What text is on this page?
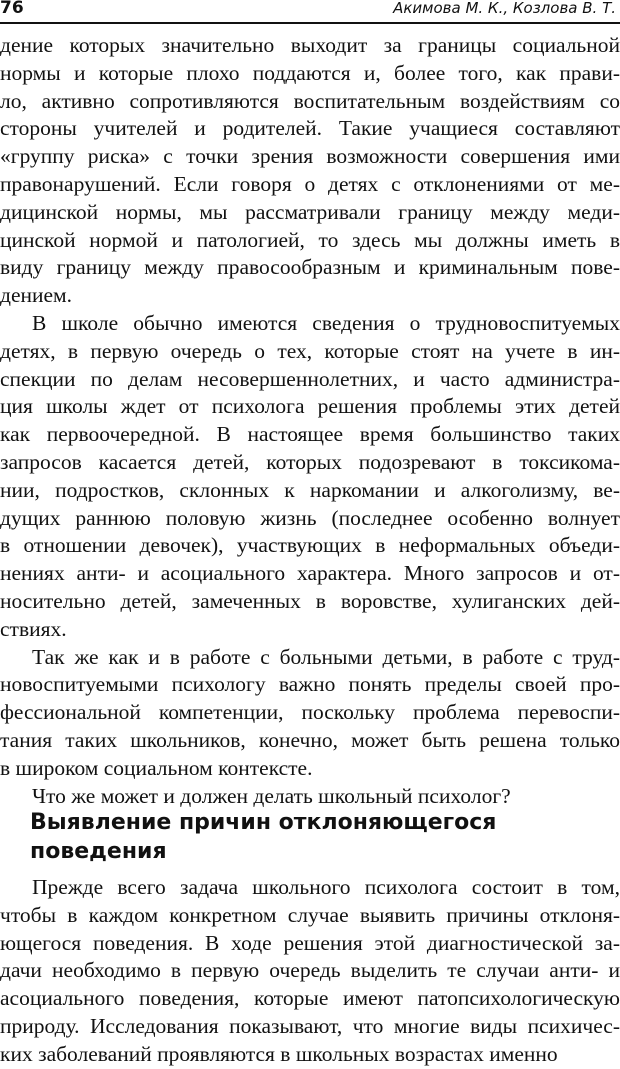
76	Акимова М. К., Козлова В. Т.
дение которых значительно выходит за границы социальной
нормы и которые плохо поддаются и, более того, как прави-
ло, активно сопротивляются воспитательным воздействиям со
стороны учителей и родителей. Такие учащиеся составляют
«группу риска» с точки зрения возможности совершения ими
правонарушений. Если говоря о детях с отклонениями от ме-
дицинской нормы, мы рассматривали границу между меди-
цинской нормой и патологией, то здесь мы должны иметь в
виду границу между правосообразным и криминальным пове-
дением.
В школе обычно имеются сведения о трудновоспитуемых
детях, в первую очередь о тех, которые стоят на учете в ин-
спекции по делам несовершеннолетних, и часто администра-
ция школы ждет от психолога решения проблемы этих детей
как первоочередной. В настоящее время большинство таких
запросов касается детей, которых подозревают в токсикома-
нии, подростков, склонных к наркомании и алкоголизму, ве-
дущих раннюю половую жизнь (последнее особенно волнует
в отношении девочек), участвующих в неформальных объеди-
нениях анти- и асоциального характера. Много запросов и от-
носительно детей, замеченных в воровстве, хулиганских дей-
ствиях.
Так же как и в работе с больными детьми, в работе с труд-
новоспитуемыми психологу важно понять пределы своей про-
фессиональной компетенции, поскольку проблема перевоспи-
тания таких школьников, конечно, может быть решена только
в широком социальном контексте.
Что же может и должен делать школьный психолог?
Выявление причин отклоняющегося
поведения
Прежде всего задача школьного психолога состоит в том,
чтобы в каждом конкретном случае выявить причины отклоня-
ющегося поведения. В ходе решения этой диагностической за-
дачи необходимо в первую очередь выделить те случаи анти- и
асоциального поведения, которые имеют патопсихологическую
природу. Исследования показывают, что многие виды психичес-
ких заболеваний проявляются в школьных возрастах именно
